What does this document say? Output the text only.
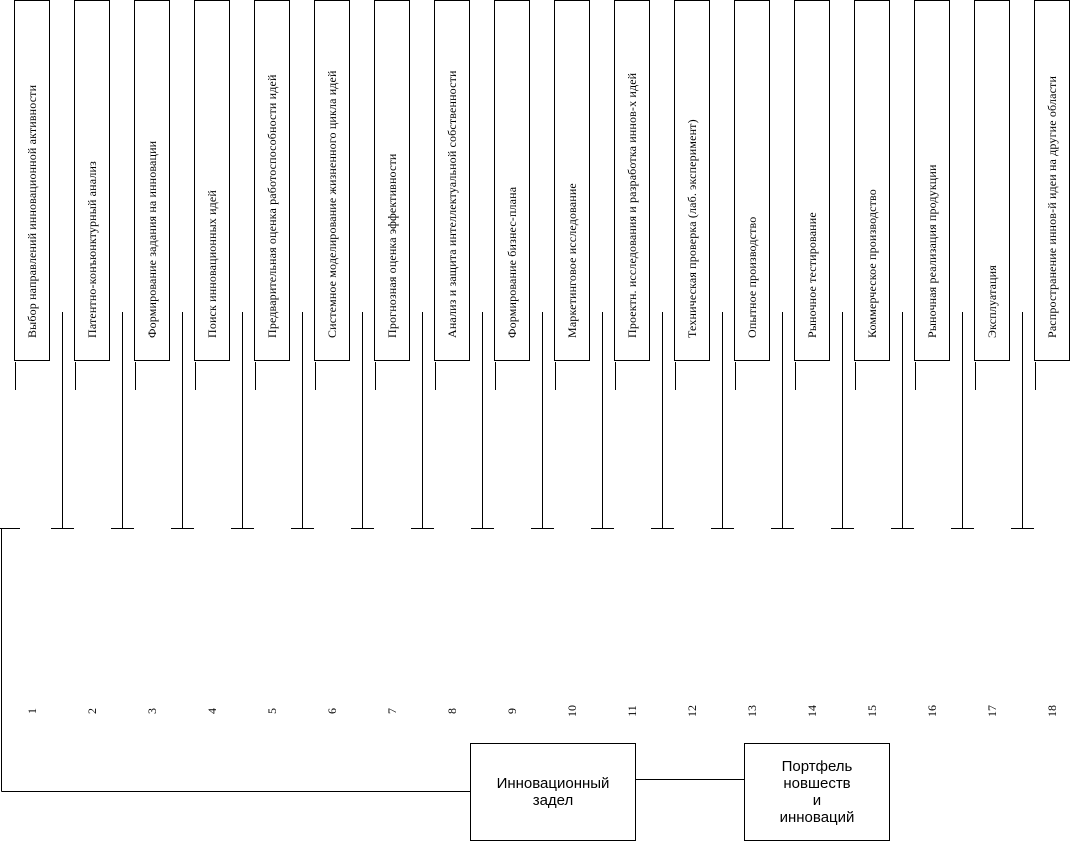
Выбор направлений инновационной активности	Патентно-конъюнктурный анализ	Формирование задания на инновации	Поиск инновационных идей	Предварительная оценка работоспособности идей	Системное моделирование жизненного цикла идей	Прогнозная оценка эффективности	Анализ и защита интеллектуальной собственности	Формирование бизнес-плана	Маркетинговое исследование	Проектн. исследования и разработка иннов-х идей	Техническая проверка (лаб. эксперимент)	Опытное производство	Рыночное тестирование	Коммерческое производство	Рыночная реализация продукции	Эксплуатация	Распространение иннов-й идеи на другие области
1	2	3	4	5	6	7	8	9	10	11	12	13	14	15	16	17	18
Инновационный
задел
Портфель
новшеств
и
инноваций
